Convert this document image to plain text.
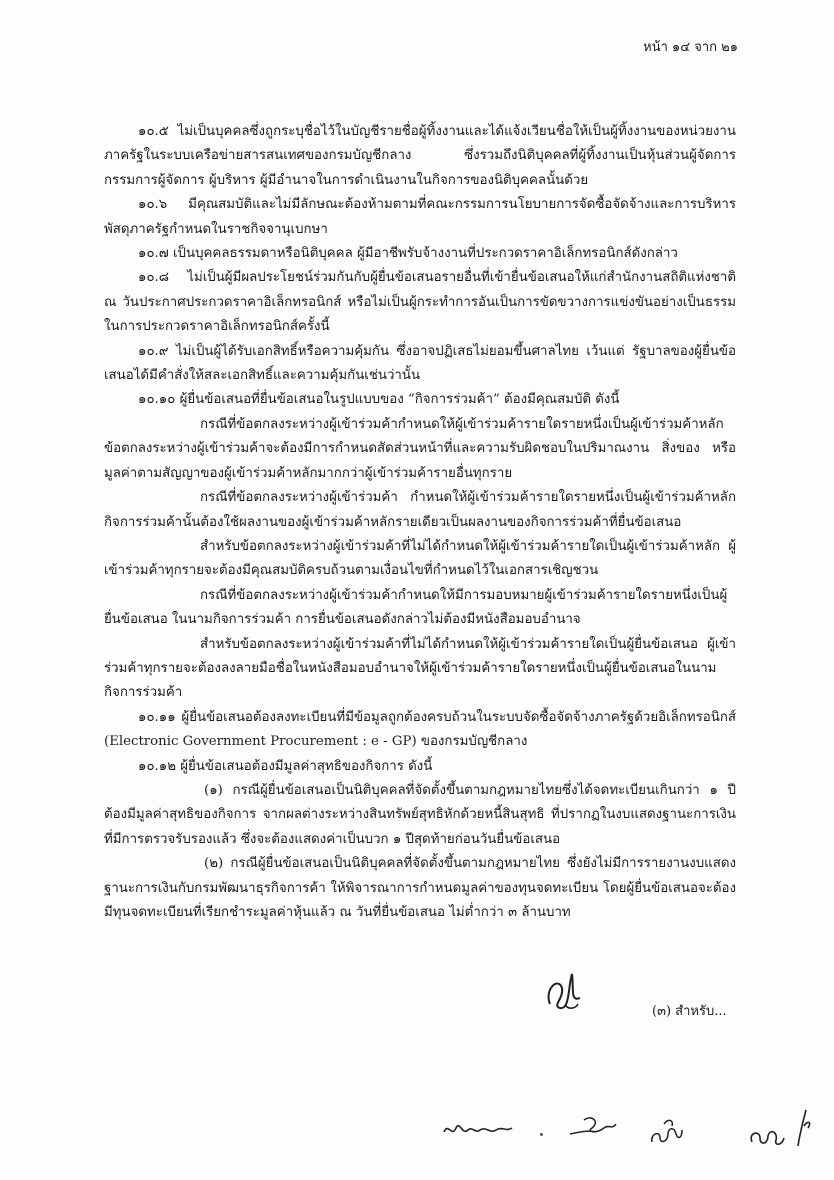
หน้า ๑๔ จาก ๒๑

๑๐.๕ ไม่เป็นบุคคลซึ่งถูกระบุชื่อไว้ในบัญชีรายชื่อผู้ทิ้งงานและได้แจ้งเวียนชื่อให้เป็นผู้ทิ้งงานของหน่วยงานภาครัฐในระบบเครือข่ายสารสนเทศของกรมบัญชีกลาง ซึ่งรวมถึงนิติบุคคลที่ผู้ทิ้งงานเป็นหุ้นส่วนผู้จัดการ กรรมการผู้จัดการ ผู้บริหาร ผู้มีอำนาจในการดำเนินงานในกิจการของนิติบุคคลนั้นด้วย

๑๐.๖ มีคุณสมบัติและไม่มีลักษณะต้องห้ามตามที่คณะกรรมการนโยบายการจัดซื้อจัดจ้างและการบริหารพัสดุภาครัฐกำหนดในราชกิจจานุเบกษา

๑๐.๗ เป็นบุคคลธรรมดาหรือนิติบุคคล ผู้มีอาชีพรับจ้างงานที่ประกวดราคาอิเล็กทรอนิกส์ดังกล่าว

๑๐.๘ ไม่เป็นผู้มีผลประโยชน์ร่วมกันกับผู้ยื่นข้อเสนอรายอื่นที่เข้ายื่นข้อเสนอให้แก่สำนักงานสถิติแห่งชาติ ณ วันประกาศประกวดราคาอิเล็กทรอนิกส์ หรือไม่เป็นผู้กระทำการอันเป็นการขัดขวางการแข่งขันอย่างเป็นธรรมในการประกวดราคาอิเล็กทรอนิกส์ครั้งนี้

๑๐.๙ ไม่เป็นผู้ได้รับเอกสิทธิ์หรือความคุ้มกัน ซึ่งอาจปฏิเสธไม่ยอมขึ้นศาลไทย เว้นแต่ รัฐบาลของผู้ยื่นข้อเสนอได้มีคำสั่งให้สละเอกสิทธิ์และความคุ้มกันเช่นว่านั้น

๑๐.๑๐ ผู้ยื่นข้อเสนอที่ยื่นข้อเสนอในรูปแบบของ “กิจการร่วมค้า” ต้องมีคุณสมบัติ ดังนี้

กรณีที่ข้อตกลงระหว่างผู้เข้าร่วมค้ากำหนดให้ผู้เข้าร่วมค้ารายใดรายหนึ่งเป็นผู้เข้าร่วมค้าหลัก ข้อตกลงระหว่างผู้เข้าร่วมค้าจะต้องมีการกำหนดสัดส่วนหน้าที่และความรับผิดชอบในปริมาณงาน สิ่งของ หรือมูลค่าตามสัญญาของผู้เข้าร่วมค้าหลักมากกว่าผู้เข้าร่วมค้ารายอื่นทุกราย

กรณีที่ข้อตกลงระหว่างผู้เข้าร่วมค้า กำหนดให้ผู้เข้าร่วมค้ารายใดรายหนึ่งเป็นผู้เข้าร่วมค้าหลัก กิจการร่วมค้านั้นต้องใช้ผลงานของผู้เข้าร่วมค้าหลักรายเดียวเป็นผลงานของกิจการร่วมค้าที่ยื่นข้อเสนอ

สำหรับข้อตกลงระหว่างผู้เข้าร่วมค้าที่ไม่ได้กำหนดให้ผู้เข้าร่วมค้ารายใดเป็นผู้เข้าร่วมค้าหลัก ผู้เข้าร่วมค้าทุกรายจะต้องมีคุณสมบัติครบถ้วนตามเงื่อนไขที่กำหนดไว้ในเอกสารเชิญชวน

กรณีที่ข้อตกลงระหว่างผู้เข้าร่วมค้ากำหนดให้มีการมอบหมายผู้เข้าร่วมค้ารายใดรายหนึ่งเป็นผู้ยื่นข้อเสนอ ในนามกิจการร่วมค้า การยื่นข้อเสนอดังกล่าวไม่ต้องมีหนังสือมอบอำนาจ

สำหรับข้อตกลงระหว่างผู้เข้าร่วมค้าที่ไม่ได้กำหนดให้ผู้เข้าร่วมค้ารายใดเป็นผู้ยื่นข้อเสนอ ผู้เข้าร่วมค้าทุกรายจะต้องลงลายมือชื่อในหนังสือมอบอำนาจให้ผู้เข้าร่วมค้ารายใดรายหนึ่งเป็นผู้ยื่นข้อเสนอในนามกิจการร่วมค้า

๑๐.๑๑ ผู้ยื่นข้อเสนอต้องลงทะเบียนที่มีข้อมูลถูกต้องครบถ้วนในระบบจัดซื้อจัดจ้างภาครัฐด้วยอิเล็กทรอนิกส์ (Electronic Government Procurement : e - GP) ของกรมบัญชีกลาง

๑๐.๑๒ ผู้ยื่นข้อเสนอต้องมีมูลค่าสุทธิของกิจการ ดังนี้

(๑) กรณีผู้ยื่นข้อเสนอเป็นนิติบุคคลที่จัดตั้งขึ้นตามกฎหมายไทยซึ่งได้จดทะเบียนเกินกว่า ๑ ปี ต้องมีมูลค่าสุทธิของกิจการ จากผลต่างระหว่างสินทรัพย์สุทธิหักด้วยหนี้สินสุทธิ ที่ปรากฏในงบแสดงฐานะการเงินที่มีการตรวจรับรองแล้ว ซึ่งจะต้องแสดงค่าเป็นบวก ๑ ปีสุดท้ายก่อนวันยื่นข้อเสนอ

(๒) กรณีผู้ยื่นข้อเสนอเป็นนิติบุคคลที่จัดตั้งขึ้นตามกฎหมายไทย ซึ่งยังไม่มีการรายงานงบแสดงฐานะการเงินกับกรมพัฒนาธุรกิจการค้า ให้พิจารณาการกำหนดมูลค่าของทุนจดทะเบียน โดยผู้ยื่นข้อเสนอจะต้องมีทุนจดทะเบียนที่เรียกชำระมูลค่าหุ้นแล้ว ณ วันที่ยื่นข้อเสนอ ไม่ต่ำกว่า ๓ ล้านบาท

(๓) สำหรับ...
